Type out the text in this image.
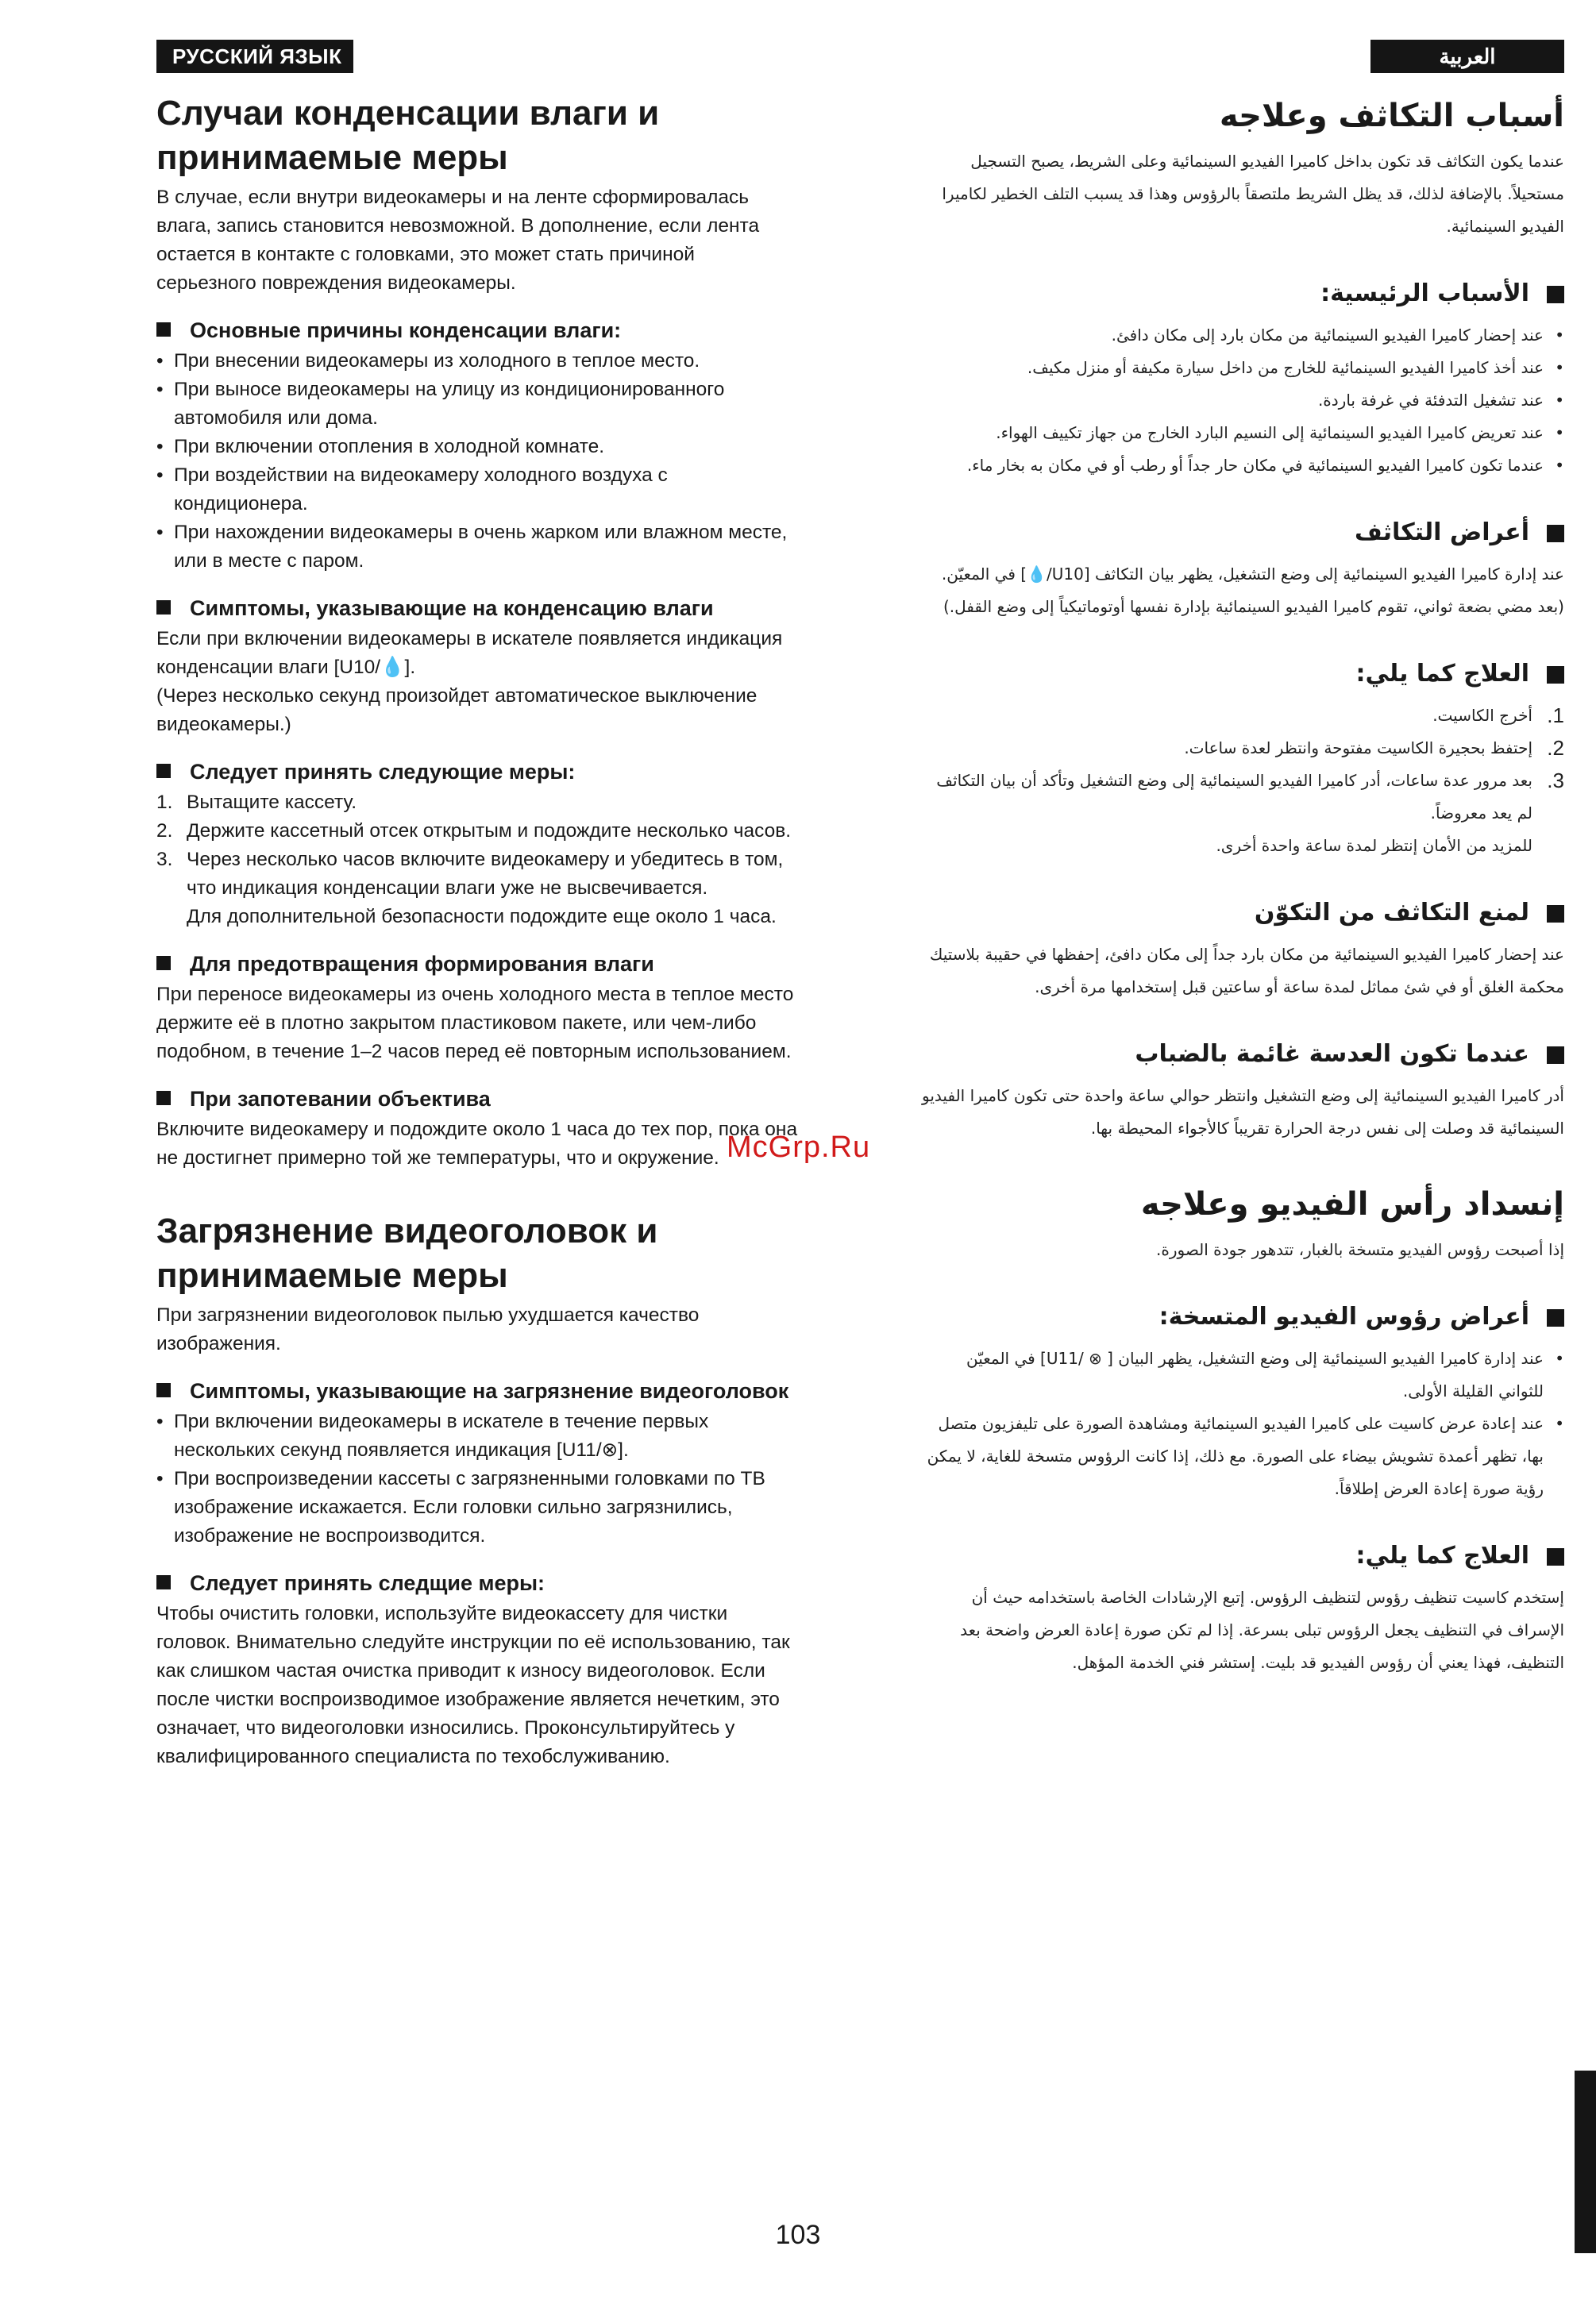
РУССКИЙ ЯЗЫК	العربية
Случаи конденсации влаги и принимаемые меры

В случае, если внутри видеокамеры и на ленте сформировалась влага, запись становится невозможной. В дополнение, если лента остается в контакте с головками, это может стать причиной серьезного повреждения видеокамеры.

Основные причины конденсации влаги:
• При внесении видеокамеры из холодного в теплое место.
• При выносе видеокамеры на улицу из кондиционированного автомобиля или дома.
• При включении отопления в холодной комнате.
• При воздействии на видеокамеру холодного воздуха с кондиционера.
• При нахождении видеокамеры в очень жарком или влажном месте, или в месте с паром.
Симптомы, указывающие на конденсацию влаги

Если при включении видеокамеры в искателе появляется индикация конденсации влаги [U10/💧].

(Через несколько секунд произойдет автоматическое выключение видеокамеры.)

Следует принять следующие меры:
1. Вытащите кассету.
2. Держите кассетный отсек открытым и подождите несколько часов.
3. Через несколько часов включите видеокамеру и убедитесь в том, что индикация конденсации влаги уже не высвечивается.
Для дополнительной безопасности подождите еще около 1 часа.
Для предотвращения формирования влаги

При переносе видеокамеры из очень холодного места в теплое место держите её в плотно закрытом пластиковом пакете, или чем-либо подобном, в течение 1–2 часов перед её повторным использованием.

При запотевании объектива

Включите видеокамеру и подождите около 1 часа до тех пор, пока она не достигнет примерно той же температуры, что и окружение.

Загрязнение видеоголовок и принимаемые меры

При загрязнении видеоголовок пылью ухудшается качество изображения.

Симптомы, указывающие на загрязнение видеоголовок
• При включении видеокамеры в искателе в течение первых нескольких секунд появляется индикация [U11/⊗].
• При воспроизведении кассеты с загрязненными головками по ТВ изображение искажается. Если головки сильно загрязнились, изображение не воспроизводится.
Следует принять следщие меры:

Чтобы очистить головки, используйте видеокассету для чистки головок. Внимательно следуйте инструкции по её использованию, так как слишком частая очистка приводит к износу видеоголовок. Если после чистки воспроизводимое изображение является нечетким, это означает, что видеоголовки износились. Проконсультируйтесь у квалифицированного специалиста по техобслуживанию.

أسباب التكاثف وعلاجه

عندما يكون التكاثف قد تكون بداخل كاميرا الفيديو السينمائية وعلى الشريط، يصبح التسجيل مستحيلاً. بالإضافة لذلك، قد يظل الشريط ملتصقاً بالرؤوس وهذا قد يسبب التلف الخطير لكاميرا الفيديو السينمائية.

الأسباب الرئيسية:
• عند إحضار كاميرا الفيديو السينمائية من مكان بارد إلى مكان دافئ.
• عند أخذ كاميرا الفيديو السينمائية للخارج من داخل سيارة مكيفة أو منزل مكيف.
• عند تشغيل التدفئة في غرفة باردة.
• عند تعريض كاميرا الفيديو السينمائية إلى النسيم البارد الخارج من جهاز تكييف الهواء.
• عندما تكون كاميرا الفيديو السينمائية في مكان حار جداً أو رطب أو في مكان به بخار ماء.
أعراض التكاثف

عند إدارة كاميرا الفيديو السينمائية إلى وضع التشغيل، يظهر بيان التكاثف [U10/💧] في المعيّن.

(بعد مضي بضعة ثواني، تقوم كاميرا الفيديو السينمائية بإدارة نفسها أوتوماتيكياً إلى وضع القفل.)

العلاج كما يلي:
1.
أخرج الكاسيت.
2.
إحتفظ بحجيرة الكاسيت مفتوحة وانتظر لعدة ساعات.
3.
بعد مرور عدة ساعات، أدر كاميرا الفيديو السينمائية إلى وضع التشغيل وتأكد أن بيان التكاثف لم يعد معروضاً.
للمزيد من الأمان إنتظر لمدة ساعة واحدة أخرى.
لمنع التكاثف من التكوّن

عند إحضار كاميرا الفيديو السينمائية من مكان بارد جداً إلى مكان دافئ، إحفظها في حقيبة بلاستيك محكمة الغلق أو في شئ مماثل لمدة ساعة أو ساعتين قبل إستخدامها مرة أخرى.

عندما تكون العدسة غائمة بالضباب

أدر كاميرا الفيديو السينمائية إلى وضع التشغيل وانتظر حوالي ساعة واحدة حتى تكون كاميرا الفيديو السينمائية قد وصلت إلى نفس درجة الحرارة تقريباً كالأجواء المحيطة بها.

إنسداد رأس الفيديو وعلاجه

إذا أصبحت رؤوس الفيديو متسخة بالغبار، تتدهور جودة الصورة.

أعراض رؤوس الفيديو المتسخة:
• عند إدارة كاميرا الفيديو السينمائية إلى وضع التشغيل، يظهر البيان [ ⊗ /U11] في المعيّن للثواني القليلة الأولى.
• عند إعادة عرض كاسيت على كاميرا الفيديو السينمائية ومشاهدة الصورة على تليفزيون متصل بها، تظهر أعمدة تشويش بيضاء على الصورة. مع ذلك، إذا كانت الرؤوس متسخة للغاية، لا يمكن رؤية صورة إعادة العرض إطلاقاً.
العلاج كما يلي:

إستخدم كاسيت تنظيف رؤوس لتنظيف الرؤوس. إتبع الإرشادات الخاصة باستخدامه حيث أن الإسراف في التنظيف يجعل الرؤوس تبلى بسرعة. إذا لم تكن صورة إعادة العرض واضحة بعد التنظيف، فهذا يعني أن رؤوس الفيديو قد بليت. إستشر فني الخدمة المؤهل.

McGrp.Ru
103
